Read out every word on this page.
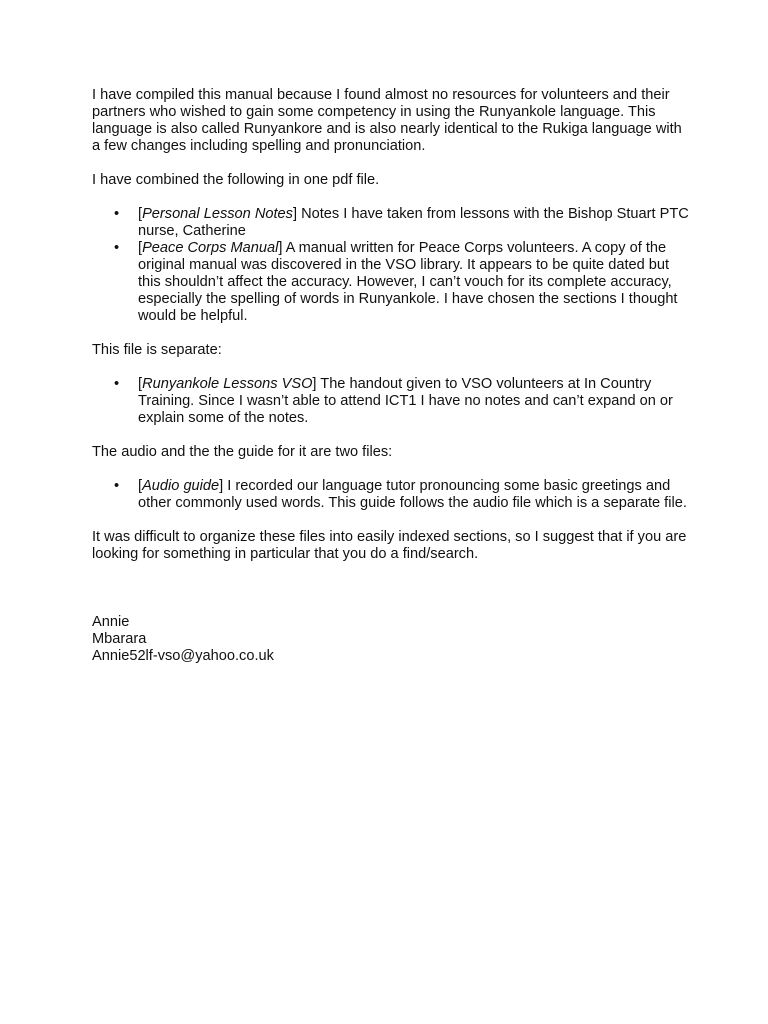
I have compiled this manual because I found almost no resources for volunteers and their partners who wished to gain some competency in using the Runyankole language. This language is also called Runyankore and is also nearly identical to the Rukiga language with a few changes including spelling and pronunciation.

I have combined the following in one pdf file.

• [Personal Lesson Notes] Notes I have taken from lessons with the Bishop Stuart PTC nurse, Catherine
• [Peace Corps Manual] A manual written for Peace Corps volunteers. A copy of the original manual was discovered in the VSO library. It appears to be quite dated but this shouldn’t affect the accuracy. However, I can’t vouch for its complete accuracy, especially the spelling of words in Runyankole. I have chosen the sections I thought would be helpful.

This file is separate:

• [Runyankole Lessons VSO] The handout given to VSO volunteers at In Country Training. Since I wasn’t able to attend ICT1 I have no notes and can’t expand on or explain some of the notes.

The audio and the the guide for it are two files:

• [Audio guide] I recorded our language tutor pronouncing some basic greetings and other commonly used words. This guide follows the audio file which is a separate file.

It was difficult to organize these files into easily indexed sections, so I suggest that if you are looking for something in particular that you do a find/search.

Annie

Mbarara

Annie52lf-vso@yahoo.co.uk
